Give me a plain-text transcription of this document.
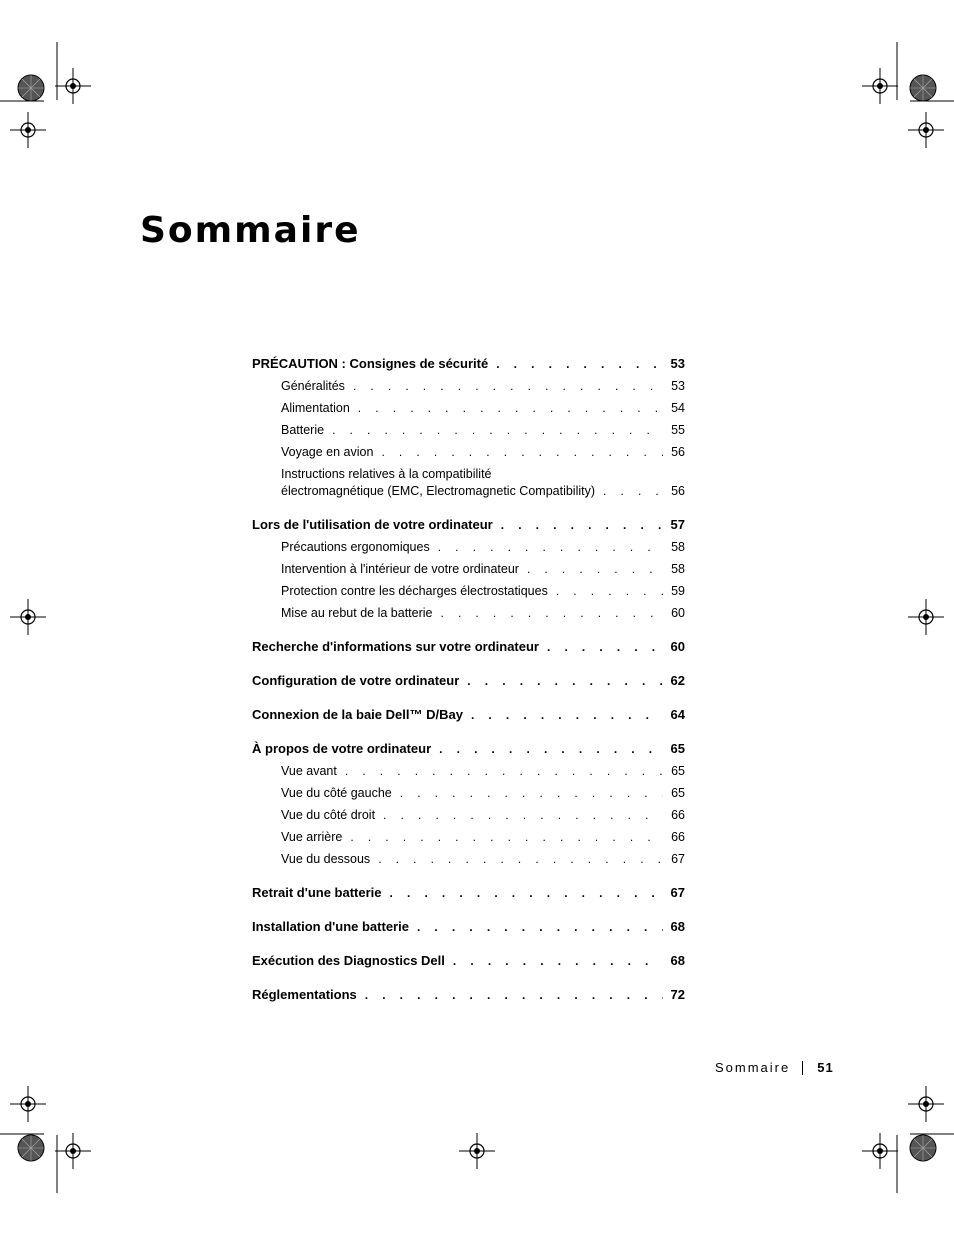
Sommaire
PRÉCAUTION : Consignes de sécurité . . .	53
Généralités . . .	53
Alimentation . . .	54
Batterie . . .	55
Voyage en avion . . .	56
Instructions relatives à la compatibilité
électromagnétique (EMC, Electromagnetic Compatibility) . . .	56
Lors de l'utilisation de votre ordinateur . . .	57
Précautions ergonomiques . . .	58
Intervention à l'intérieur de votre ordinateur . . .	58
Protection contre les décharges électrostatiques . . .	59
Mise au rebut de la batterie . . .	60
Recherche d'informations sur votre ordinateur . . .	60
Configuration de votre ordinateur . . .	62
Connexion de la baie Dell™ D/Bay . . .	64
À propos de votre ordinateur . . .	65
Vue avant . . .	65
Vue du côté gauche . . .	65
Vue du côté droit . . .	66
Vue arrière . . .	66
Vue du dessous . . .	67
Retrait d'une batterie . . .	67
Installation d'une batterie . . .	68
Exécution des Diagnostics Dell . . .	68
Réglementations . . .	72
Sommaire 51
